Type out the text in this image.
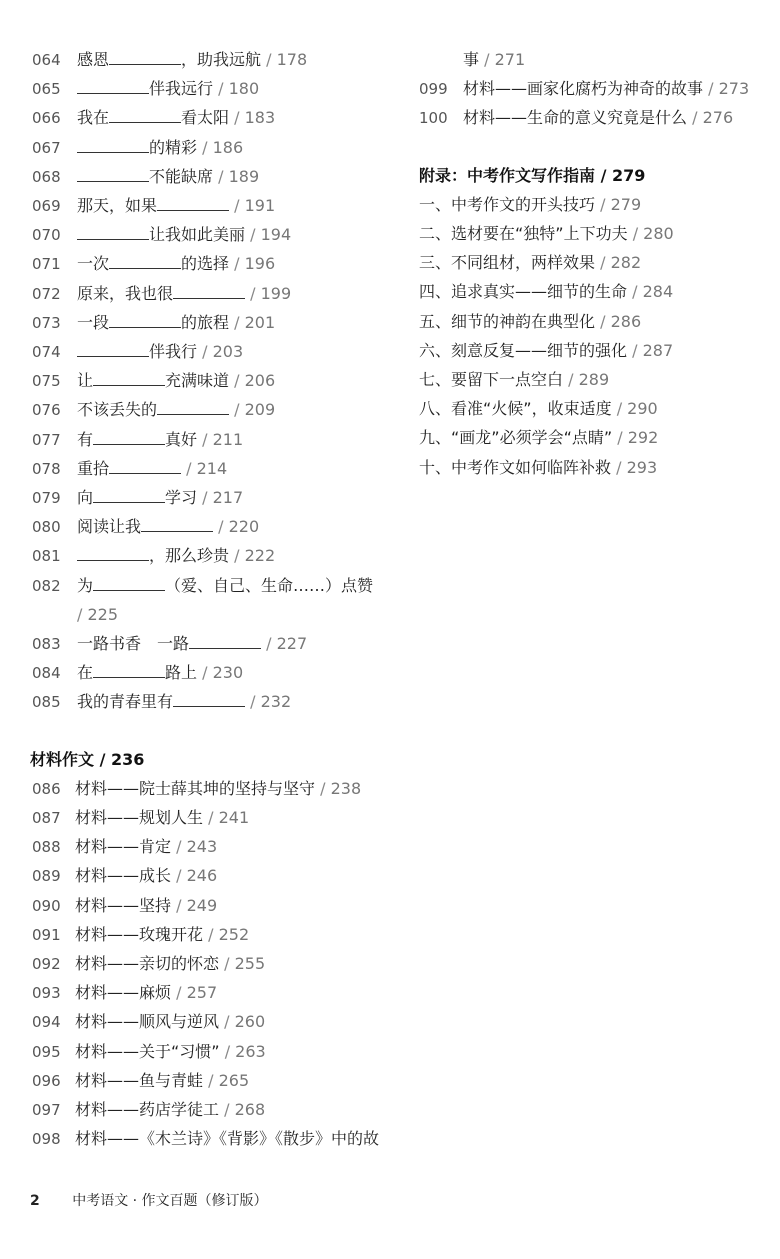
064 感恩	，助我远航 / 178
065	伴我远行 / 180
066 我在	看太阳 / 183
067	的精彩 / 186
068	不能缺席 / 189
069 那天，如果	/ 191
070	让我如此美丽 / 194
071 一次	的选择 / 196
072 原来，我也很	/ 199
073 一段	的旅程 / 201
074	伴我行 / 203
075 让	充满味道 / 206
076 不该丢失的	/ 209
077 有	真好 / 211
078 重拾	/ 214
079 向	学习 / 217
080 阅读让我	/ 220
081	，那么珍贵 / 222
082 为	（爱、自己、生命……）点赞
/ 225
083 一路书香　一路	/ 227
084 在	路上 / 230
085 我的青春里有	/ 232
材料作文 / 236
086 材料——院士薛其坤的坚持与坚守 / 238
087 材料——规划人生 / 241
088 材料——肯定 / 243
089 材料——成长 / 246
090 材料——坚持 / 249
091 材料——玫瑰开花 / 252
092 材料——亲切的怀恋 / 255
093 材料——麻烦 / 257
094 材料——顺风与逆风 / 260
095 材料——关于“习惯” / 263
096 材料——鱼与青蛙 / 265
097 材料——药店学徒工 / 268
098 材料——《木兰诗》《背影》《散步》中的故
事 / 271
099 材料——画家化腐朽为神奇的故事 / 273
100 材料——生命的意义究竟是什么 / 276
附录：中考作文写作指南 / 279
一、中考作文的开头技巧 / 279
二、选材要在“独特”上下功夫 / 280
三、不同组材，两样效果 / 282
四、追求真实——细节的生命 / 284
五、细节的神韵在典型化 / 286
六、刻意反复——细节的强化 / 287
七、要留下一点空白 / 289
八、看准“火候”，收束适度 / 290
九、“画龙”必须学会“点睛” / 292
十、中考作文如何临阵补救 / 293
2 中考语文 · 作文百题（修订版）
